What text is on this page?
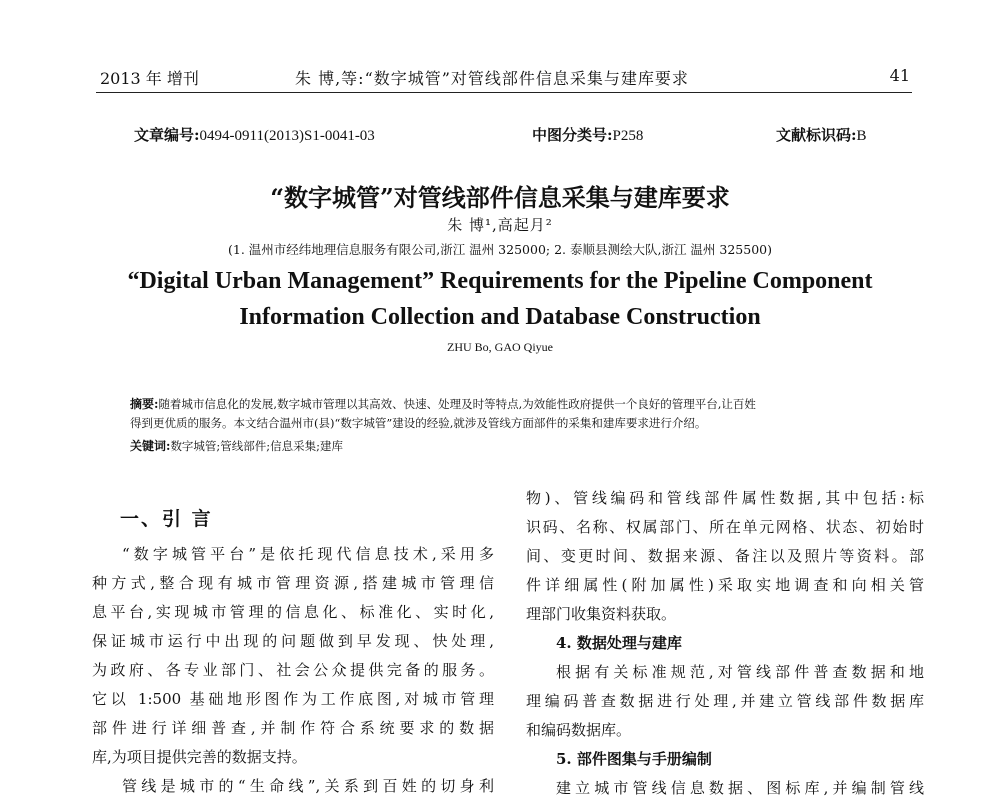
2013 年 增刊	朱 博,等:“数字城管”对管线部件信息采集与建库要求	41
文章编号:0494-0911(2013)S1-0041-03	中图分类号:P258	文献标识码:B
“数字城管”对管线部件信息采集与建库要求
朱 博¹,高起月²
(1. 温州市经纬地理信息服务有限公司,浙江 温州 325000; 2. 泰顺县测绘大队,浙江 温州 325500)
“Digital Urban Management” Requirements for the Pipeline Component
Information Collection and Database Construction
ZHU Bo, GAO Qiyue
摘要:随着城市信息化的发展,数字城市管理以其高效、快速、处理及时等特点,为效能性政府提供一个良好的管理平台,让百姓
得到更优质的服务。本文结合温州市(县)“数字城管”建设的经验,就涉及管线方面部件的采集和建库要求进行介绍。
关键词:数字城管;管线部件;信息采集;建库
一、引 言
“数字城管平台”是依托现代信息技术,采用多
种方式,整合现有城市管理资源,搭建城市管理信
息平台,实现城市管理的信息化、标准化、实时化,
保证城市运行中出现的问题做到早发现、快处理,
为政府、各专业部门、社会公众提供完备的服务。
它以 1:500 基础地形图作为工作底图,对城市管理
部件进行详细普查,并制作符合系统要求的数据
库,为项目提供完善的数据支持。
管线是城市的“生命线”,关系到百姓的切身利
物)、管线编码和管线部件属性数据,其中包括:标
识码、名称、权属部门、所在单元网格、状态、初始时
间、变更时间、数据来源、备注以及照片等资料。部
件详细属性(附加属性)采取实地调查和向相关管
理部门收集资料获取。
4. 数据处理与建库
根据有关标准规范,对管线部件普查数据和地
理编码普查数据进行处理,并建立管线部件数据库
和编码数据库。
5. 部件图集与手册编制
建立城市管线信息数据、图标库,并编制管线
